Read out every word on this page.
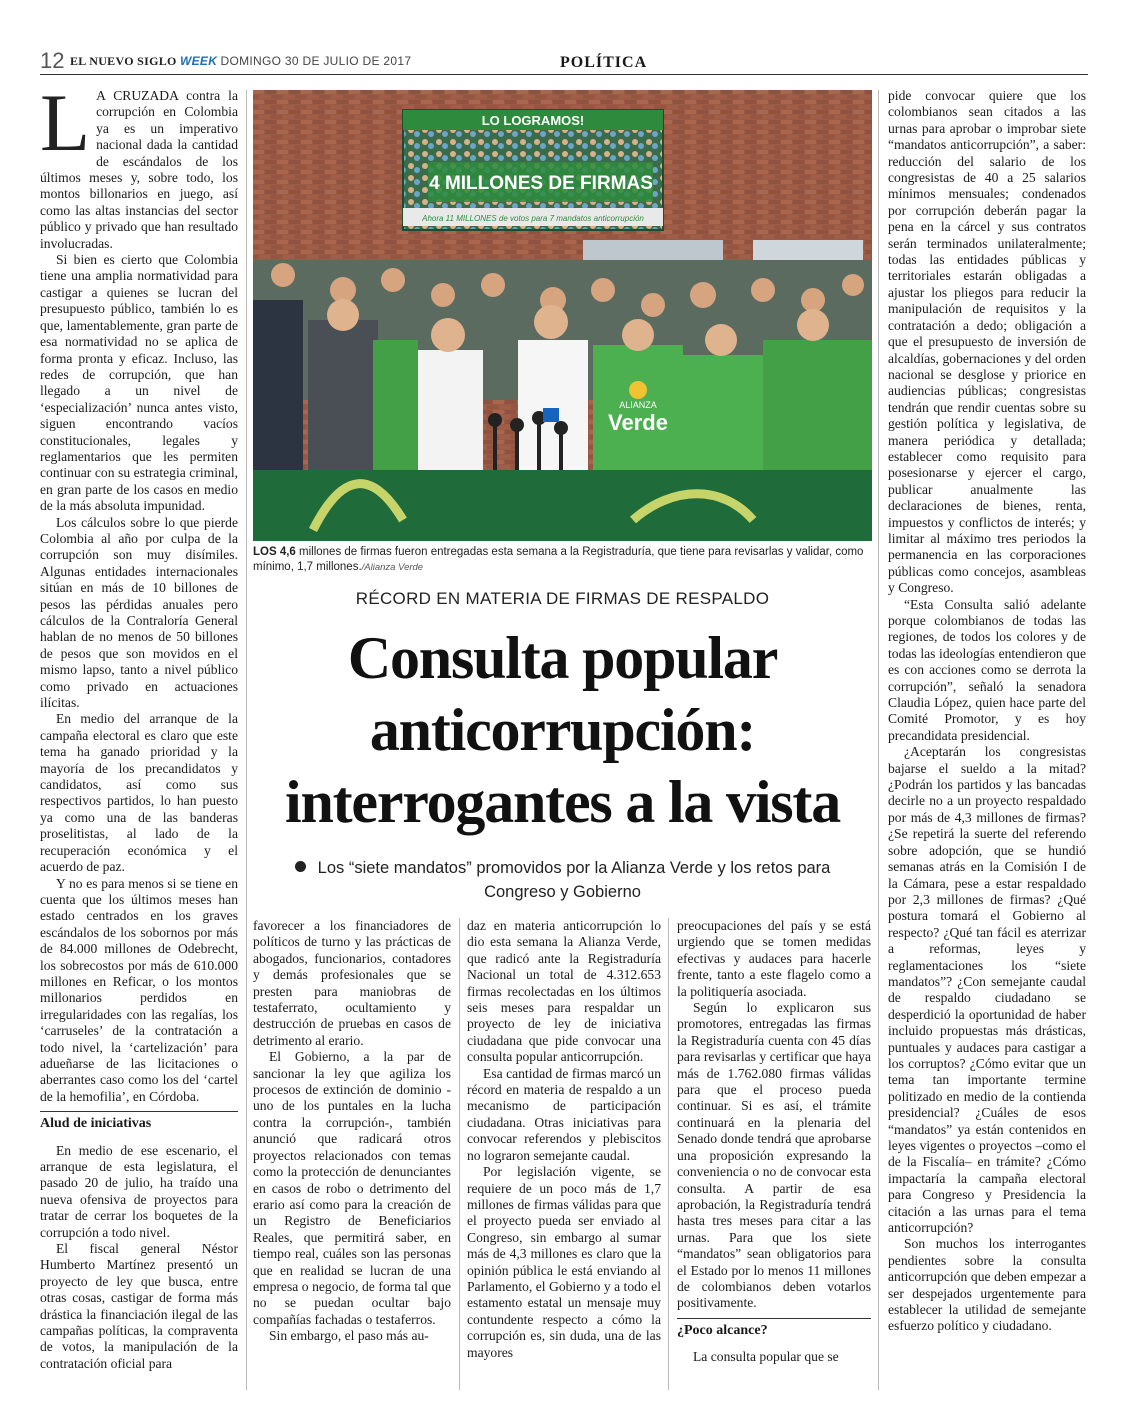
12 EL NUEVO SIGLO WEEK DOMINGO 30 DE JULIO DE 2017	POLÍTICA
L A CRUZADA contra la corrupción en Colombia ya es un imperativo nacional dada la cantidad de escándalos de los últimos meses y, sobre todo, los montos billonarios en juego, así como las altas instancias del sector público y privado que han resultado involucradas.

Si bien es cierto que Colombia tiene una amplia normatividad para castigar a quienes se lucran del presupuesto público, también lo es que, lamentablemente, gran parte de esa normatividad no se aplica de forma pronta y eficaz. Incluso, las redes de corrupción, que han llegado a un nivel de ‘especialización’ nunca antes visto, siguen encontrando vacíos constitucionales, legales y reglamentarios que les permiten continuar con su estrategia criminal, en gran parte de los casos en medio de la más absoluta impunidad.

Los cálculos sobre lo que pierde Colombia al año por culpa de la corrupción son muy disímiles. Algunas entidades internacionales sitúan en más de 10 billones de pesos las pérdidas anuales pero cálculos de la Contraloría General hablan de no menos de 50 billones de pesos que son movidos en el mismo lapso, tanto a nivel público como privado en actuaciones ilícitas.

En medio del arranque de la campaña electoral es claro que este tema ha ganado prioridad y la mayoría de los precandidatos y candidatos, así como sus respectivos partidos, lo han puesto ya como una de las banderas proselitistas, al lado de la recuperación económica y el acuerdo de paz.

Y no es para menos si se tiene en cuenta que los últimos meses han estado centrados en los graves escándalos de los sobornos por más de 84.000 millones de Odebrecht, los sobrecostos por más de 610.000 millones en Reficar, o los montos millonarios perdidos en irregularidades con las regalías, los ‘carruseles’ de la contratación a todo nivel, la ‘cartelización’ para adueñarse de las licitaciones o aberrantes caso como los del ‘cartel de la hemofilia’, en Córdoba.

Alud de iniciativas

En medio de ese escenario, el arranque de esta legislatura, el pasado 20 de julio, ha traído una nueva ofensiva de proyectos para tratar de cerrar los boquetes de la corrupción a todo nivel.

El fiscal general Néstor Humberto Martínez presentó un proyecto de ley que busca, entre otras cosas, castigar de forma más drástica la financiación ilegal de las campañas políticas, la compraventa de votos, la manipulación de la contratación oficial para

LO LOGRAMOS!
4 MILLONES DE FIRMAS
Ahora 11 MILLONES de votos para 7 mandatos anticorrupción
Verde
ALIANZA
LOS 4,6 millones de firmas fueron entregadas esta semana a la Registraduría, que tiene para revisarlas y validar, como mínimo, 1,7 millones./Alianza Verde
RÉCORD EN MATERIA DE FIRMAS DE RESPALDO
Consulta popular
anticorrupción:
interrogantes a la vista
Los “siete mandatos” promovidos por la Alianza Verde y los retos para
Congreso y Gobierno

favorecer a los financiadores de políticos de turno y las prácticas de abogados, funcionarios, contadores y demás profesionales que se presten para maniobras de testaferrato, ocultamiento y destrucción de pruebas en casos de detrimento al erario.

El Gobierno, a la par de sancionar la ley que agiliza los procesos de extinción de dominio -uno de los puntales en la lucha contra la corrupción-, también anunció que radicará otros proyectos relacionados con temas como la protección de denunciantes en casos de robo o detrimento del erario así como para la creación de un Registro de Beneficiarios Reales, que permitirá saber, en tiempo real, cuáles son las personas que en realidad se lucran de una empresa o negocio, de forma tal que no se puedan ocultar bajo compañías fachadas o testaferros.

Sin embargo, el paso más au-

daz en materia anticorrupción lo dio esta semana la Alianza Verde, que radicó ante la Registraduría Nacional un total de 4.312.653 firmas recolectadas en los últimos seis meses para respaldar un proyecto de ley de iniciativa ciudadana que pide convocar una consulta popular anticorrupción.

Esa cantidad de firmas marcó un récord en materia de respaldo a un mecanismo de participación ciudadana. Otras iniciativas para convocar referendos y plebiscitos no lograron semejante caudal.

Por legislación vigente, se requiere de un poco más de 1,7 millones de firmas válidas para que el proyecto pueda ser enviado al Congreso, sin embargo al sumar más de 4,3 millones es claro que la opinión pública le está enviando al Parlamento, el Gobierno y a todo el estamento estatal un mensaje muy contundente respecto a cómo la corrupción es, sin duda, una de las mayores

preocupaciones del país y se está urgiendo que se tomen medidas efectivas y audaces para hacerle frente, tanto a este flagelo como a la politiquería asociada.

Según lo explicaron sus promotores, entregadas las firmas la Registraduría cuenta con 45 días para revisarlas y certificar que haya más de 1.762.080 firmas válidas para que el proceso pueda continuar. Si es así, el trámite continuará en la plenaria del Senado donde tendrá que aprobarse una proposición expresando la conveniencia o no de convocar esta consulta. A partir de esa aprobación, la Registraduría tendrá hasta tres meses para citar a las urnas. Para que los siete “mandatos” sean obligatorios para el Estado por lo menos 11 millones de colombianos deben votarlos positivamente.

¿Poco alcance?

La consulta popular que se

pide convocar quiere que los colombianos sean citados a las urnas para aprobar o improbar siete “mandatos anticorrupción”, a saber: reducción del salario de los congresistas de 40 a 25 salarios mínimos mensuales; condenados por corrupción deberán pagar la pena en la cárcel y sus contratos serán terminados unilateralmente; todas las entidades públicas y territoriales estarán obligadas a ajustar los pliegos para reducir la manipulación de requisitos y la contratación a dedo; obligación a que el presupuesto de inversión de alcaldías, gobernaciones y del orden nacional se desglose y priorice en audiencias públicas; congresistas tendrán que rendir cuentas sobre su gestión política y legislativa, de manera periódica y detallada; establecer como requisito para posesionarse y ejercer el cargo, publicar anualmente las declaraciones de bienes, renta, impuestos y conflictos de interés; y limitar al máximo tres periodos la permanencia en las corporaciones públicas como concejos, asambleas y Congreso.

“Esta Consulta salió adelante porque colombianos de todas las regiones, de todos los colores y de todas las ideologías entendieron que es con acciones como se derrota la corrupción”, señaló la senadora Claudia López, quien hace parte del Comité Promotor, y es hoy precandidata presidencial.

¿Aceptarán los congresistas bajarse el sueldo a la mitad? ¿Podrán los partidos y las bancadas decirle no a un proyecto respaldado por más de 4,3 millones de firmas? ¿Se repetirá la suerte del referendo sobre adopción, que se hundió semanas atrás en la Comisión I de la Cámara, pese a estar respaldado por 2,3 millones de firmas? ¿Qué postura tomará el Gobierno al respecto? ¿Qué tan fácil es aterrizar a reformas, leyes y reglamentaciones los “siete mandatos”? ¿Con semejante caudal de respaldo ciudadano se desperdició la oportunidad de haber incluido propuestas más drásticas, puntuales y audaces para castigar a los corruptos? ¿Cómo evitar que un tema tan importante termine politizado en medio de la contienda presidencial? ¿Cuáles de esos “mandatos” ya están contenidos en leyes vigentes o proyectos –como el de la Fiscalía– en trámite? ¿Cómo impactaría la campaña electoral para Congreso y Presidencia la citación a las urnas para el tema anticorrupción?

Son muchos los interrogantes pendientes sobre la consulta anticorrupción que deben empezar a ser despejados urgentemente para establecer la utilidad de semejante esfuerzo político y ciudadano.
